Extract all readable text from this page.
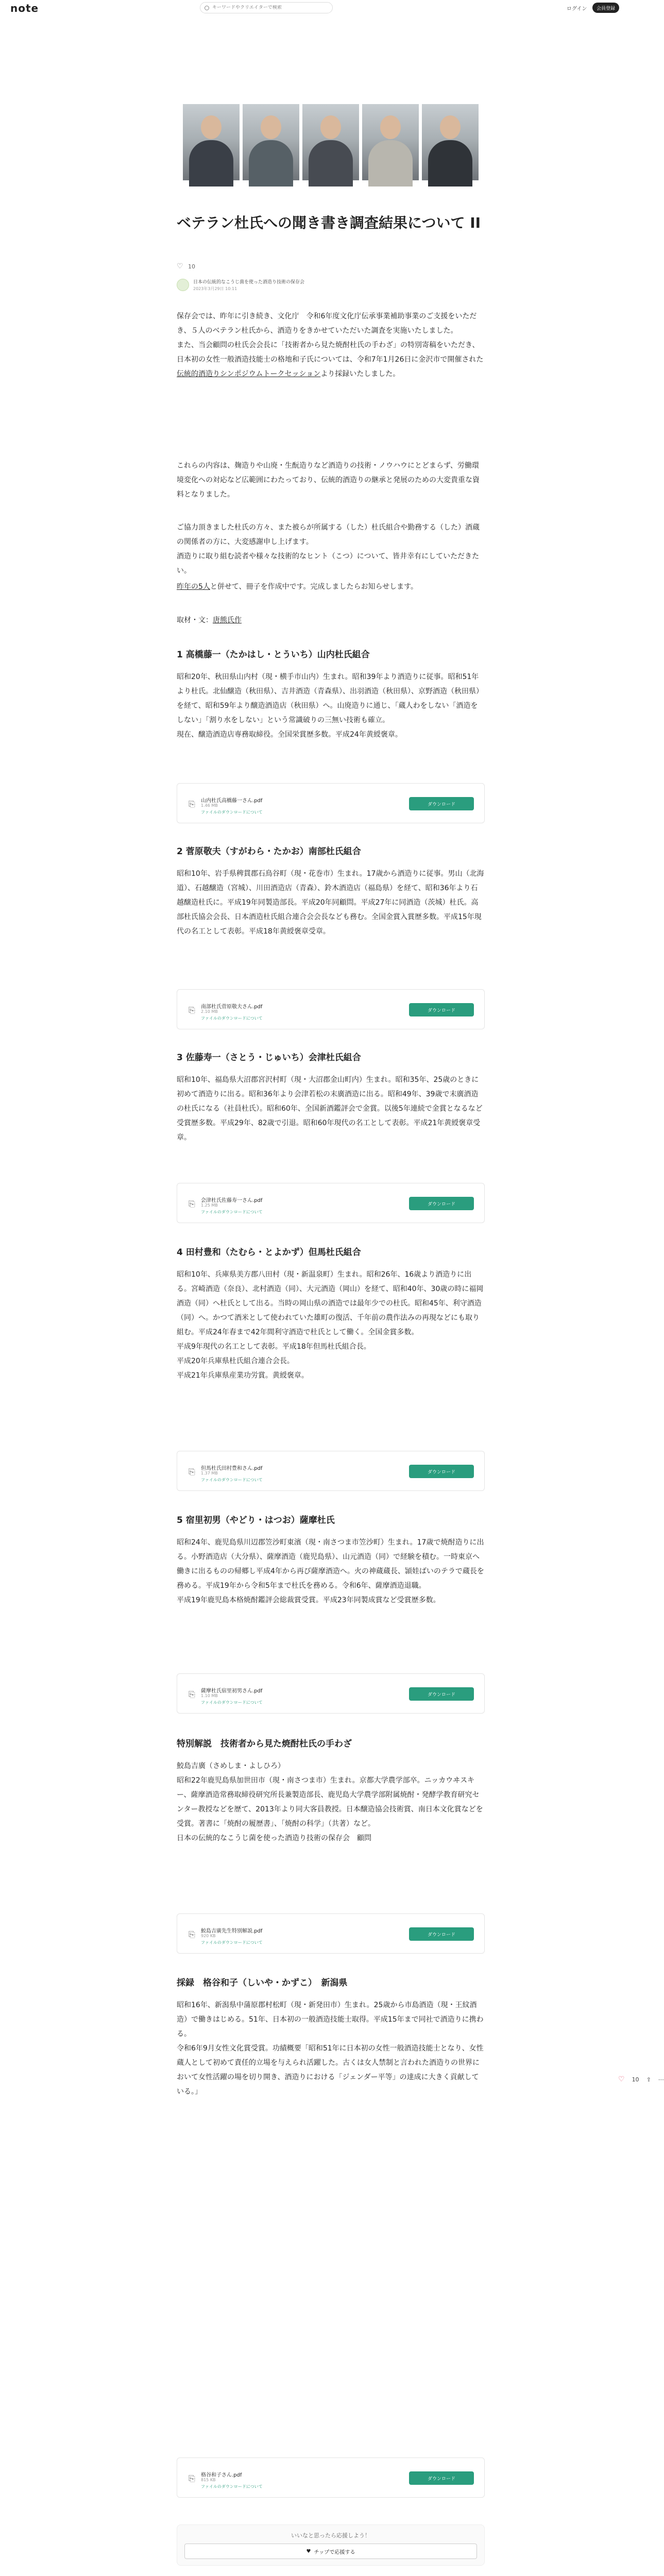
note
キーワードやクリエイターで検索	ログイン	会員登録
ベテラン杜氏への聞き書き調査結果について II
♡ 10
日本の伝統的なこうじ菌を使った酒造り技術の保存会
2023年3月29日 10:11

保存会では、昨年に引き続き、文化庁　令和6年度文化庁伝承事業補助事業のご支援をいただき、５人のベテラン杜氏から、酒造りをきかせていただいた調査を実施いたしました。

また、当会顧問の杜氏会会長に「技術者から見た焼酎杜氏の手わざ」の特別寄稿をいただき、日本初の女性一般酒造技能士の格地和子氏については、令和7年1月26日に金沢市で開催された伝統的酒造りシンポジウムトークセッションより採録いたしました。

これらの内容は、麹造りや山廃・生酛造りなど酒造りの技術・ノウハウにとどまらず、労働環境変化への対応など広範囲にわたっており、伝統的酒造りの継承と発展のための大変貴重な資料となりました。

ご協力頂きました杜氏の方々、また被らが所属する（した）杜氏組合や勤務する（した）酒蔵の関係者の方に、大変感謝申し上げます。

酒造りに取り組む読者や様々な技術的なヒント（こつ）について、皆井幸有にしていただきたい。

昨年の5人と併せて、冊子を作成中です。完成しましたらお知らせします。

取材・文：唐熊氏作

1 高橋藤一（たかはし・とういち）山内杜氏組合
昭和20年、秋田県山内村（現・横手市山内）生まれ。昭和39年より酒造りに従事。昭和51年より杜氏。北仙醸造（秋田県）、吉井酒造（青森県）、出羽酒造（秋田県）、京野酒造（秋田県）を経て、昭和59年より醸造酒造店（秋田県）へ。山廃造りに通じ、「蔵人わをしない「酒造をしない」「割り水をしない」という常識破りの三無い技術も確立。
現在、醸造酒造店専務取締役。全国栄賞歴多数。平成24年黄綬褒章。
⎘ 山内杜氏高橋藤一さん.pdf
1.46 MB
ファイルのダウンロードについて
ダウンロード
2 菅原敬夫（すがわら・たかお）南部杜氏組合
昭和10年、岩手県稗貫郡石鳥谷町（現・花巻市）生まれ。17歳から酒造りに従事。男山（北海道）、石越醸造（宮城）、川田酒造店（青森）、鈴木酒造店（福島県）を経て、昭和36年より石越醸造杜氏に。平成19年同製造部長。平成20年同顧問。平成27年に同酒造（茨城）杜氏。高部杜氏協会会長、日本酒造杜氏組合連合会会長なども務む。全国金賞入賞歴多数。平成15年現代の名工として表彰。平成18年黄綬褒章受章。
⎘ 南部杜氏菅原敬夫さん.pdf
2.10 MB
ファイルのダウンロードについて
ダウンロード
3 佐藤寿一（さとう・じゅいち）会津杜氏組合
昭和10年、福島県大沼郡宮沢村町（現・大沼郡金山町内）生まれ。昭和35年、25歳のときに初めて酒造りに出る。昭和36年より会津若松の末廣酒造に出る。昭和49年、39歳で末廣酒造の杜氏になる（社員杜氏）。昭和60年、全国新酒鑑評会で金賞。以後5年連続で金賞となるなど受賞歴多数。平成29年、82歳で引退。昭和60年現代の名工として表彰。平成21年黄綬褒章受章。
⎘ 会津杜氏佐藤寿一さん.pdf
1.25 MB
ファイルのダウンロードについて
ダウンロード
4 田村豊和（たむら・とよかず）但馬杜氏組合
昭和10年、兵庫県美方郡八田村（現・新温泉町）生まれ。昭和26年、16歳より酒造りに出る。宮崎酒造（奈良）、北村酒造（同）、大元酒造（岡山）を経て、昭和40年、30歳の時に福岡酒造（同）へ杜氏として出る。当時の岡山県の酒造では最年少での杜氏。昭和45年、利守酒造（同）へ。かつて酒米として使われていた雄町の復活、千年前の農作法みの再現などにも取り組む。平成24年春まで42年間利守酒造で杜氏として働く。全国金賞多数。
平成9年現代の名工として表彰。平成18年但馬杜氏組合長。
平成20年兵庫県杜氏組合連合会長。
平成21年兵庫県産業功労賞。黄綬褒章。
⎘ 但馬杜氏田村豊和さん.pdf
1.37 MB
ファイルのダウンロードについて
ダウンロード
5 宿里初男（やどり・はつお）薩摩杜氏
昭和24年、鹿児島県川辺郡笠沙町東濱（現・南さつま市笠沙町）生まれ。17歳で焼酎造りに出る。小野酒造店（大分県）、薩摩酒造（鹿児島県）、山元酒造（同）で経験を積む。一時東京へ働きに出るものの帰郷し平成4年から再び薩摩酒造へ。火の神蔵蔵長、頴娃ばいのテラで蔵長を務める。平成19年から令和5年まで杜氏を務める。令和6年、薩摩酒造退職。
平成19年鹿児島本格焼酎鑑評会総裁賞受賞。平成23年同製成賞など受賞歴多数。
⎘ 薩摩杜氏宿里初男さん.pdf
1.10 MB
ファイルのダウンロードについて
ダウンロード
特別解説　技術者から見た焼酎杜氏の手わざ
鮫島吉廣（さめしま・よしひろ）
昭和22年鹿児島県加世田市（現・南さつま市）生まれ。京都大学農学部卒。ニッカウヰスキー、薩摩酒造常務取締役研究所長兼製造部長、鹿児島大学農学部附属焼酎・発酵学教育研究センター教授などを歴て、2013年より同大客員教授。日本醸造協会技術賞、南日本文化賞などを受賞。著書に「焼酎の履歴書」、「焼酎の科学」（共著）など。
日本の伝統的なこうじ菌を使った酒造り技術の保存会　顧問
⎘ 鮫島吉廣先生特別解説.pdf
920 KB
ファイルのダウンロードについて
ダウンロード
採録　格谷和子（しいや・かずこ）　新潟県
昭和16年、新潟県中蒲原郡村松町（現・新発田市）生まれ。25歳から市島酒造（現・王紋酒造）で働きはじめる。51年、日本初の一般酒造技能士取得。平成15年まで同社で酒造りに携わる。
令和6年9月女性文化賞受賞。功績概要「昭和51年に日本初の女性一般酒造技能士となり、女性蔵人として初めて責任的立場を与えられ活躍した。古くは女人禁制と言われた酒造りの世界において女性活躍の場を切り開き、酒造りにおける「ジェンダー平等」の達成に大きく貢献している。」
⎘ 格谷和子さん.pdf
815 KB
ファイルのダウンロードについて
ダウンロード
いいなと思ったら応援しよう！
♥ チップで応援する
♡ 10 ⇪ ⋯
